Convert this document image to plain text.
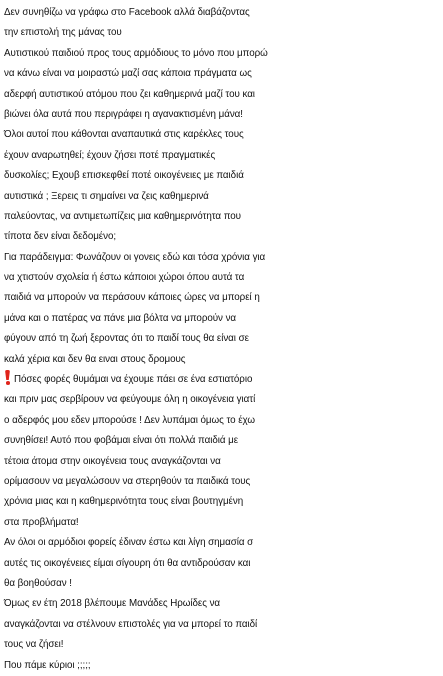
Δεν συνηθίζω να γράφω στο Facebook αλλά διαβάζοντας
την επιστολή της μάνας του
Αυτιστικού παιδιού προς τους αρμόδιους το μόνο που μπορώ
να κάνω είναι να μοιραστώ μαζί σας κάποια πράγματα ως
αδερφή αυτιστικού ατόμου που ζει καθημερινά μαζί του και
βιώνει όλα αυτά που περιγράφει η αγανακτισμένη μάνα!
Όλοι αυτοί που κάθονται αναπαυτικά στις καρέκλες τους
έχουν αναρωτηθεί; έχουν ζήσει ποτέ πραγματικές
δυσκολίες; Εχουβ επισκεφθεί ποτέ οικογένειες με παιδιά
αυτιστικά ; Ξερεις τι σημαίνει να ζεις καθημερινά
παλεύοντας, να αντιμετωπίζεις μια καθημερινότητα που
τίποτα δεν είναι δεδομένο;
Για παράδειγμα: Φωνάζουν οι γονεις εδώ και τόσα χρόνια για
να χτιστούν σχολεία ή έστω κάποιοι χώροι όπου αυτά τα
παιδιά να μπορούν να περάσουν κάποιες ώρες να μπορεί η
μάνα και ο πατέρας να πάνε μια βόλτα να μπορούν να
φύγουν από τη ζωή ξεροντας ότι το παιδί τους θα είναι σε
καλά χέρια και δεν θα ειναι στους δρομους
Πόσες φορές θυμάμαι να έχουμε πάει σε ένα εστιατόριο
και πριν μας σερβίρουν να φεύγουμε όλη η οικογένεια γιατί
ο αδερφός μου εδεν μπορούσε ! Δεν λυπάμαι όμως το έχω
συνηθίσει! Αυτό που φοβάμαι είναι ότι πολλά παιδιά με
τέτοια άτομα στην οικογένεια τους αναγκάζονται να
ορίμασουν να μεγαλώσουν να στερηθούν τα παιδικά τους
χρόνια μιας και η καθημερινότητα τους είναι βουτηγμένη
στα προβλήματα!
Αν όλοι οι αρμόδιοι φορείς έδιναν έστω και λίγη σημασία σ
αυτές τις οικογένειες είμαι σίγουρη ότι θα αντιδρούσαν και
θα βοηθούσαν !
Όμως εν έτη 2018 βλέπουμε Μανάδες Ηρωίδες να
αναγκάζονται να στέλνουν επιστολές για να μπορεί το παιδί
τους να ζήσει!
Που πάμε κύριοι ;;;;;
